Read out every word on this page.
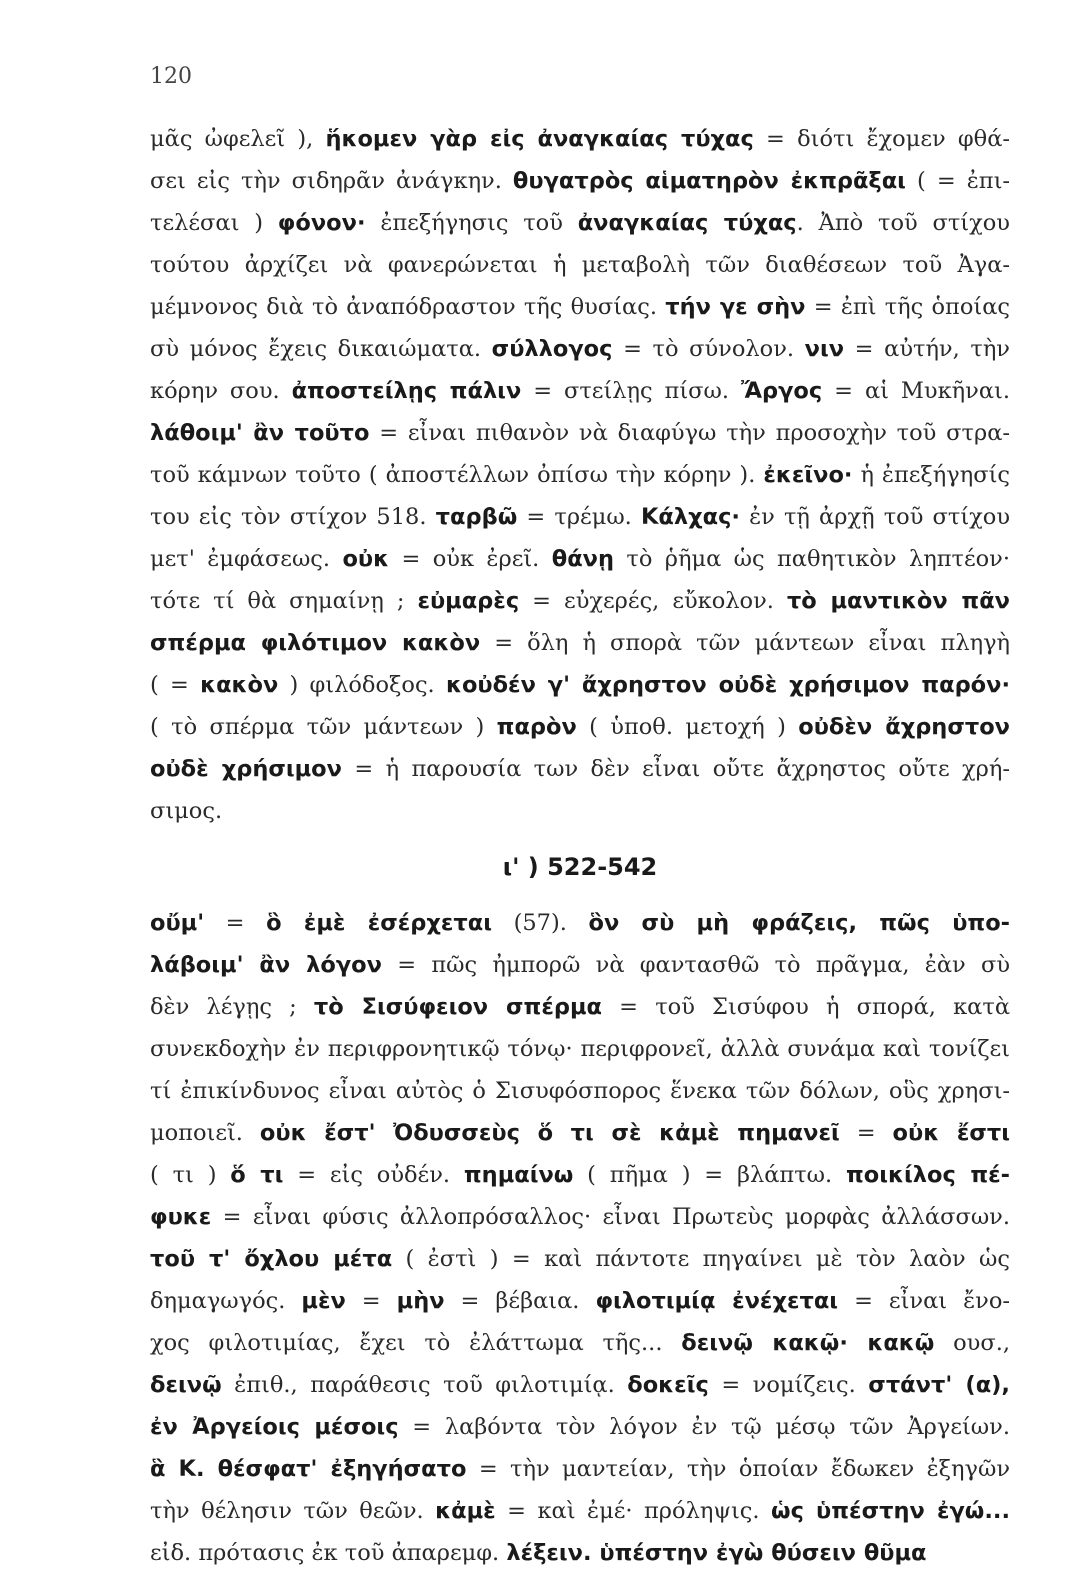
120
μᾶς ὠφελεῖ ), ἥκομεν γὰρ εἰς ἀναγκαίας τύχας = διότι ἔχομεν φθά-
σει εἰς τὴν σιδηρᾶν ἀνάγκην. θυγατρὸς αἱματηρὸν ἐκπρᾶξαι ( = ἐπι-
τελέσαι ) φόνον· ἐπεξήγησις τοῦ ἀναγκαίας τύχας. Ἀπὸ τοῦ στίχου
τούτου ἀρχίζει νὰ φανερώνεται ἡ μεταβολὴ τῶν διαθέσεων τοῦ Ἀγα-
μέμνονος διὰ τὸ ἀναπόδραστον τῆς θυσίας. τήν γε σὴν = ἐπὶ τῆς ὁποίας
σὺ μόνος ἔχεις δικαιώματα. σύλλογος = τὸ σύνολον. νιν = αὐτήν, τὴν
κόρην σου. ἀποστείλῃς πάλιν = στείλῃς πίσω. Ἄργος = αἱ Μυκῆναι.
λάθοιμ' ἂν τοῦτο = εἶναι πιθανὸν νὰ διαφύγω τὴν προσοχὴν τοῦ στρα-
τοῦ κάμνων τοῦτο ( ἀποστέλλων ὀπίσω τὴν κόρην ). ἐκεῖνο· ἡ ἐπεξήγησίς
του εἰς τὸν στίχον 518. ταρβῶ = τρέμω. Κάλχας· ἐν τῇ ἀρχῇ τοῦ στίχου
μετ' ἐμφάσεως. οὐκ = οὐκ ἐρεῖ. θάνῃ τὸ ῥῆμα ὡς παθητικὸν ληπτέον·
τότε τί θὰ σημαίνῃ ; εὐμαρὲς = εὐχερές, εὔκολον. τὸ μαντικὸν πᾶν
σπέρμα φιλότιμον κακὸν = ὅλη ἡ σπορὰ τῶν μάντεων εἶναι πληγὴ
( = κακὸν ) φιλόδοξος. κοὐδέν γ' ἄχρηστον οὐδὲ χρήσιμον παρόν·
( τὸ σπέρμα τῶν μάντεων ) παρὸν ( ὑποθ. μετοχή ) οὐδὲν ἄχρηστον
οὐδὲ χρήσιμον = ἡ παρουσία των δὲν εἶναι οὔτε ἄχρηστος οὔτε χρή-
σιμος.
ι' ) 522-542
οὔμ' = ὃ ἐμὲ ἐσέρχεται (57). ὃν σὺ μὴ φράζεις, πῶς ὑπο-
λάβοιμ' ἂν λόγον = πῶς ἠμπορῶ νὰ φαντασθῶ τὸ πρᾶγμα, ἐὰν σὺ
δὲν λέγῃς ; τὸ Σισύφειον σπέρμα = τοῦ Σισύφου ἡ σπορά, κατὰ
συνεκδοχὴν ἐν περιφρονητικῷ τόνῳ· περιφρονεῖ, ἀλλὰ συνάμα καὶ τονίζει
τί ἐπικίνδυνος εἶναι αὐτὸς ὁ Σισυφόσπορος ἕνεκα τῶν δόλων, οὓς χρησι-
μοποιεῖ. οὐκ ἔστ' Ὀδυσσεὺς ὅ τι σὲ κἀμὲ πημανεῖ = οὐκ ἔστι
( τι ) ὅ τι = εἰς οὐδέν. πημαίνω ( πῆμα ) = βλάπτω. ποικίλος πέ-
φυκε = εἶναι φύσις ἀλλοπρόσαλλος· εἶναι Πρωτεὺς μορφὰς ἀλλάσσων.
τοῦ τ' ὄχλου μέτα ( ἐστὶ ) = καὶ πάντοτε πηγαίνει μὲ τὸν λαὸν ὡς
δημαγωγός. μὲν = μὴν = βέβαια. φιλοτιμίᾳ ἐνέχεται = εἶναι ἔνο-
χος φιλοτιμίας, ἔχει τὸ ἐλάττωμα τῆς... δεινῷ κακῷ· κακῷ ουσ.,
δεινῷ ἐπιθ., παράθεσις τοῦ φιλοτιμίᾳ. δοκεῖς = νομίζεις. στάντ' (α),
ἐν Ἀργείοις μέσοις = λαβόντα τὸν λόγον ἐν τῷ μέσῳ τῶν Ἀργείων.
ἃ Κ. θέσφατ' ἐξηγήσατο = τὴν μαντείαν, τὴν ὁποίαν ἔδωκεν ἐξηγῶν
τὴν θέλησιν τῶν θεῶν. κἀμὲ = καὶ ἐμέ· πρόληψις. ὡς ὑπέστην ἐγώ...
εἰδ. πρότασις ἐκ τοῦ ἀπαρεμφ. λέξειν. ὑπέστην ἐγὼ θύσειν θῦμα
